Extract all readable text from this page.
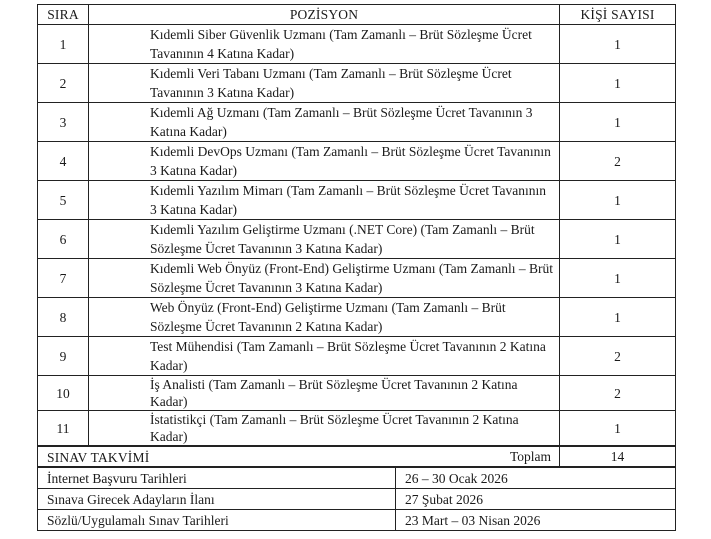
SIRA	POZİSYON	KİŞİ SAYISI
1	Kıdemli Siber Güvenlik Uzmanı (Tam Zamanlı – Brüt Sözleşme Ücret Tavanının 4 Katına Kadar)	1
2	Kıdemli Veri Tabanı Uzmanı (Tam Zamanlı – Brüt Sözleşme Ücret Tavanının 3 Katına Kadar)	1
3	Kıdemli Ağ Uzmanı (Tam Zamanlı – Brüt Sözleşme Ücret Tavanının 3 Katına Kadar)	1
4	Kıdemli DevOps Uzmanı (Tam Zamanlı – Brüt Sözleşme Ücret Tavanının 3 Katına Kadar)	2
5	Kıdemli Yazılım Mimarı (Tam Zamanlı – Brüt Sözleşme Ücret Tavanının 3 Katına Kadar)	1
6	Kıdemli Yazılım Geliştirme Uzmanı (.NET Core) (Tam Zamanlı – Brüt Sözleşme Ücret Tavanının 3 Katına Kadar)	1
7	Kıdemli Web Önyüz (Front-End) Geliştirme Uzmanı (Tam Zamanlı – Brüt Sözleşme Ücret Tavanının 3 Katına Kadar)	1
8	Web Önyüz (Front-End) Geliştirme Uzmanı (Tam Zamanlı – Brüt Sözleşme Ücret Tavanının 2 Katına Kadar)	1
9	Test Mühendisi (Tam Zamanlı – Brüt Sözleşme Ücret Tavanının 2 Katına Kadar)	2
10	İş Analisti (Tam Zamanlı – Brüt Sözleşme Ücret Tavanının 2 Katına Kadar)	2
11	İstatistikçi (Tam Zamanlı – Brüt Sözleşme Ücret Tavanının 2 Katına Kadar)	1
Toplam		14
SINAV TAKVİMİ	
İnternet Başvuru Tarihleri	26 – 30 Ocak 2026
Sınava Girecek Adayların İlanı	27 Şubat 2026
Sözlü/Uygulamalı Sınav Tarihleri	23 Mart – 03 Nisan 2026
